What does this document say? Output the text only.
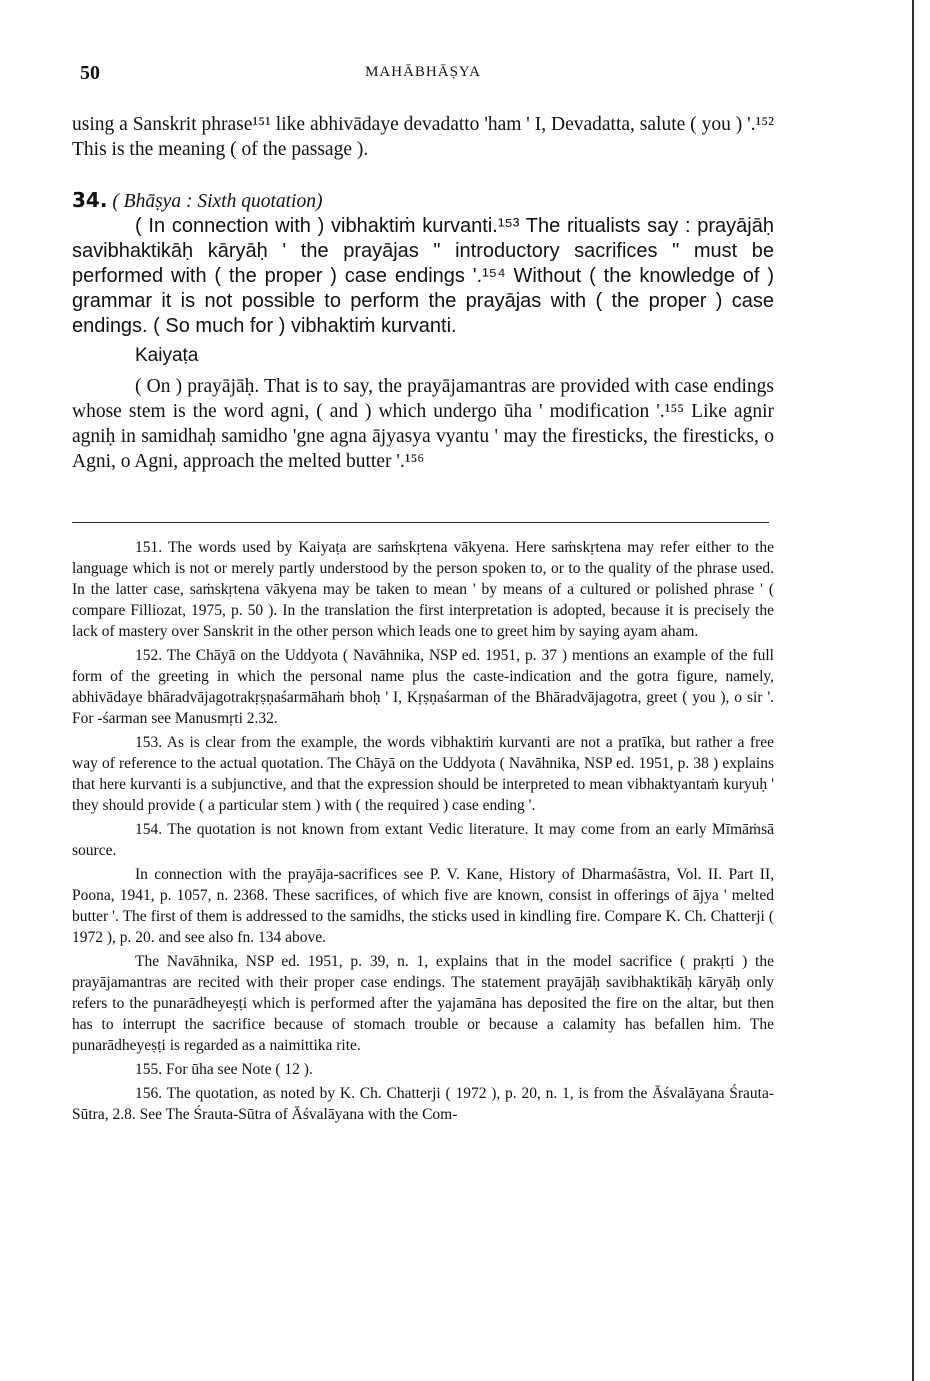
50	MAHĀBHĀṢYA

using a Sanskrit phrase¹⁵¹ like abhivādaye devadatto 'ham ' I, Devadatta, salute ( you ) '.¹⁵² This is the meaning ( of the passage ).

34. ( Bhāṣya : Sixth quotation)

( In connection with ) vibhaktiṁ kurvanti.¹⁵³ The ritualists say : prayājāḥ savibhaktikāḥ kāryāḥ ' the prayājas " introductory sacrifices " must be performed with ( the proper ) case endings '.¹⁵⁴ Without ( the knowledge of ) grammar it is not possible to perform the prayājas with ( the proper ) case endings. ( So much for ) vibhaktiṁ kurvanti.

Kaiyaṭa

( On ) prayājāḥ. That is to say, the prayājamantras are provided with case endings whose stem is the word agni, ( and ) which undergo ūha ' modification '.¹⁵⁵ Like agnir agniḥ in samidhaḥ samidho 'gne agna ājyasya vyantu ' may the firesticks, the firesticks, o Agni, o Agni, approach the melted butter '.¹⁵⁶

151. The words used by Kaiyaṭa are saṁskṛtena vākyena. Here saṁskṛtena may refer either to the language which is not or merely partly understood by the person spoken to, or to the quality of the phrase used. In the latter case, saṁskṛtena vākyena may be taken to mean ' by means of a cultured or polished phrase ' ( compare Filliozat, 1975, p. 50 ). In the translation the first interpretation is adopted, because it is precisely the lack of mastery over Sanskrit in the other person which leads one to greet him by saying ayam aham.

152. The Chāyā on the Uddyota ( Navāhnika, NSP ed. 1951, p. 37 ) mentions an example of the full form of the greeting in which the personal name plus the caste-indication and the gotra figure, namely, abhivādaye bhāradvājagotrakṛṣṇaśarmāhaṁ bhoḥ ' I, Kṛṣṇaśarman of the Bhāradvājagotra, greet ( you ), o sir '. For -śarman see Manusmṛti 2.32.

153. As is clear from the example, the words vibhaktiṁ kurvanti are not a pratīka, but rather a free way of reference to the actual quotation. The Chāyā on the Uddyota ( Navāhnika, NSP ed. 1951, p. 38 ) explains that here kurvanti is a subjunctive, and that the expression should be interpreted to mean vibhaktyantaṁ kuryuḥ ' they should provide ( a particular stem ) with ( the required ) case ending '.

154. The quotation is not known from extant Vedic literature. It may come from an early Mīmāṁsā source.

In connection with the prayāja-sacrifices see P. V. Kane, History of Dharmaśāstra, Vol. II. Part II, Poona, 1941, p. 1057, n. 2368. These sacrifices, of which five are known, consist in offerings of ājya ' melted butter '. The first of them is addressed to the samidhs, the sticks used in kindling fire. Compare K. Ch. Chatterji ( 1972 ), p. 20. and see also fn. 134 above.

The Navāhnika, NSP ed. 1951, p. 39, n. 1, explains that in the model sacrifice ( prakṛti ) the prayājamantras are recited with their proper case endings. The statement prayājāḥ savibhaktikāḥ kāryāḥ only refers to the punarādheyeṣṭi which is performed after the yajamāna has deposited the fire on the altar, but then has to interrupt the sacrifice because of stomach trouble or because a calamity has befallen him. The punarādheyeṣṭi is regarded as a naimittika rite.

155. For ūha see Note ( 12 ).

156. The quotation, as noted by K. Ch. Chatterji ( 1972 ), p. 20, n. 1, is from the Āśvalāyana Śrauta-Sūtra, 2.8. See The Śrauta-Sūtra of Āśvalāyana with the Com-
